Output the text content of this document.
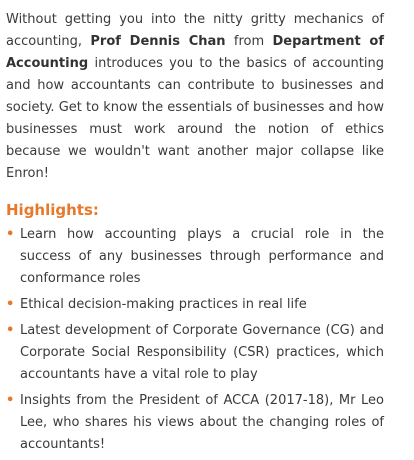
Without getting you into the nitty gritty mechanics of accounting, Prof Dennis Chan from Department of Accounting introduces you to the basics of accounting and how accountants can contribute to businesses and society. Get to know the essentials of businesses and how businesses must work around the notion of ethics because we wouldn't want another major collapse like Enron!

Highlights:
• Learn how accounting plays a crucial role in the success of any businesses through performance and conformance roles
• Ethical decision-making practices in real life
• Latest development of Corporate Governance (CG) and Corporate Social Responsibility (CSR) practices, which accountants have a vital role to play
• Insights from the President of ACCA (2017-18), Mr Leo Lee, who shares his views about the changing roles of accountants!
